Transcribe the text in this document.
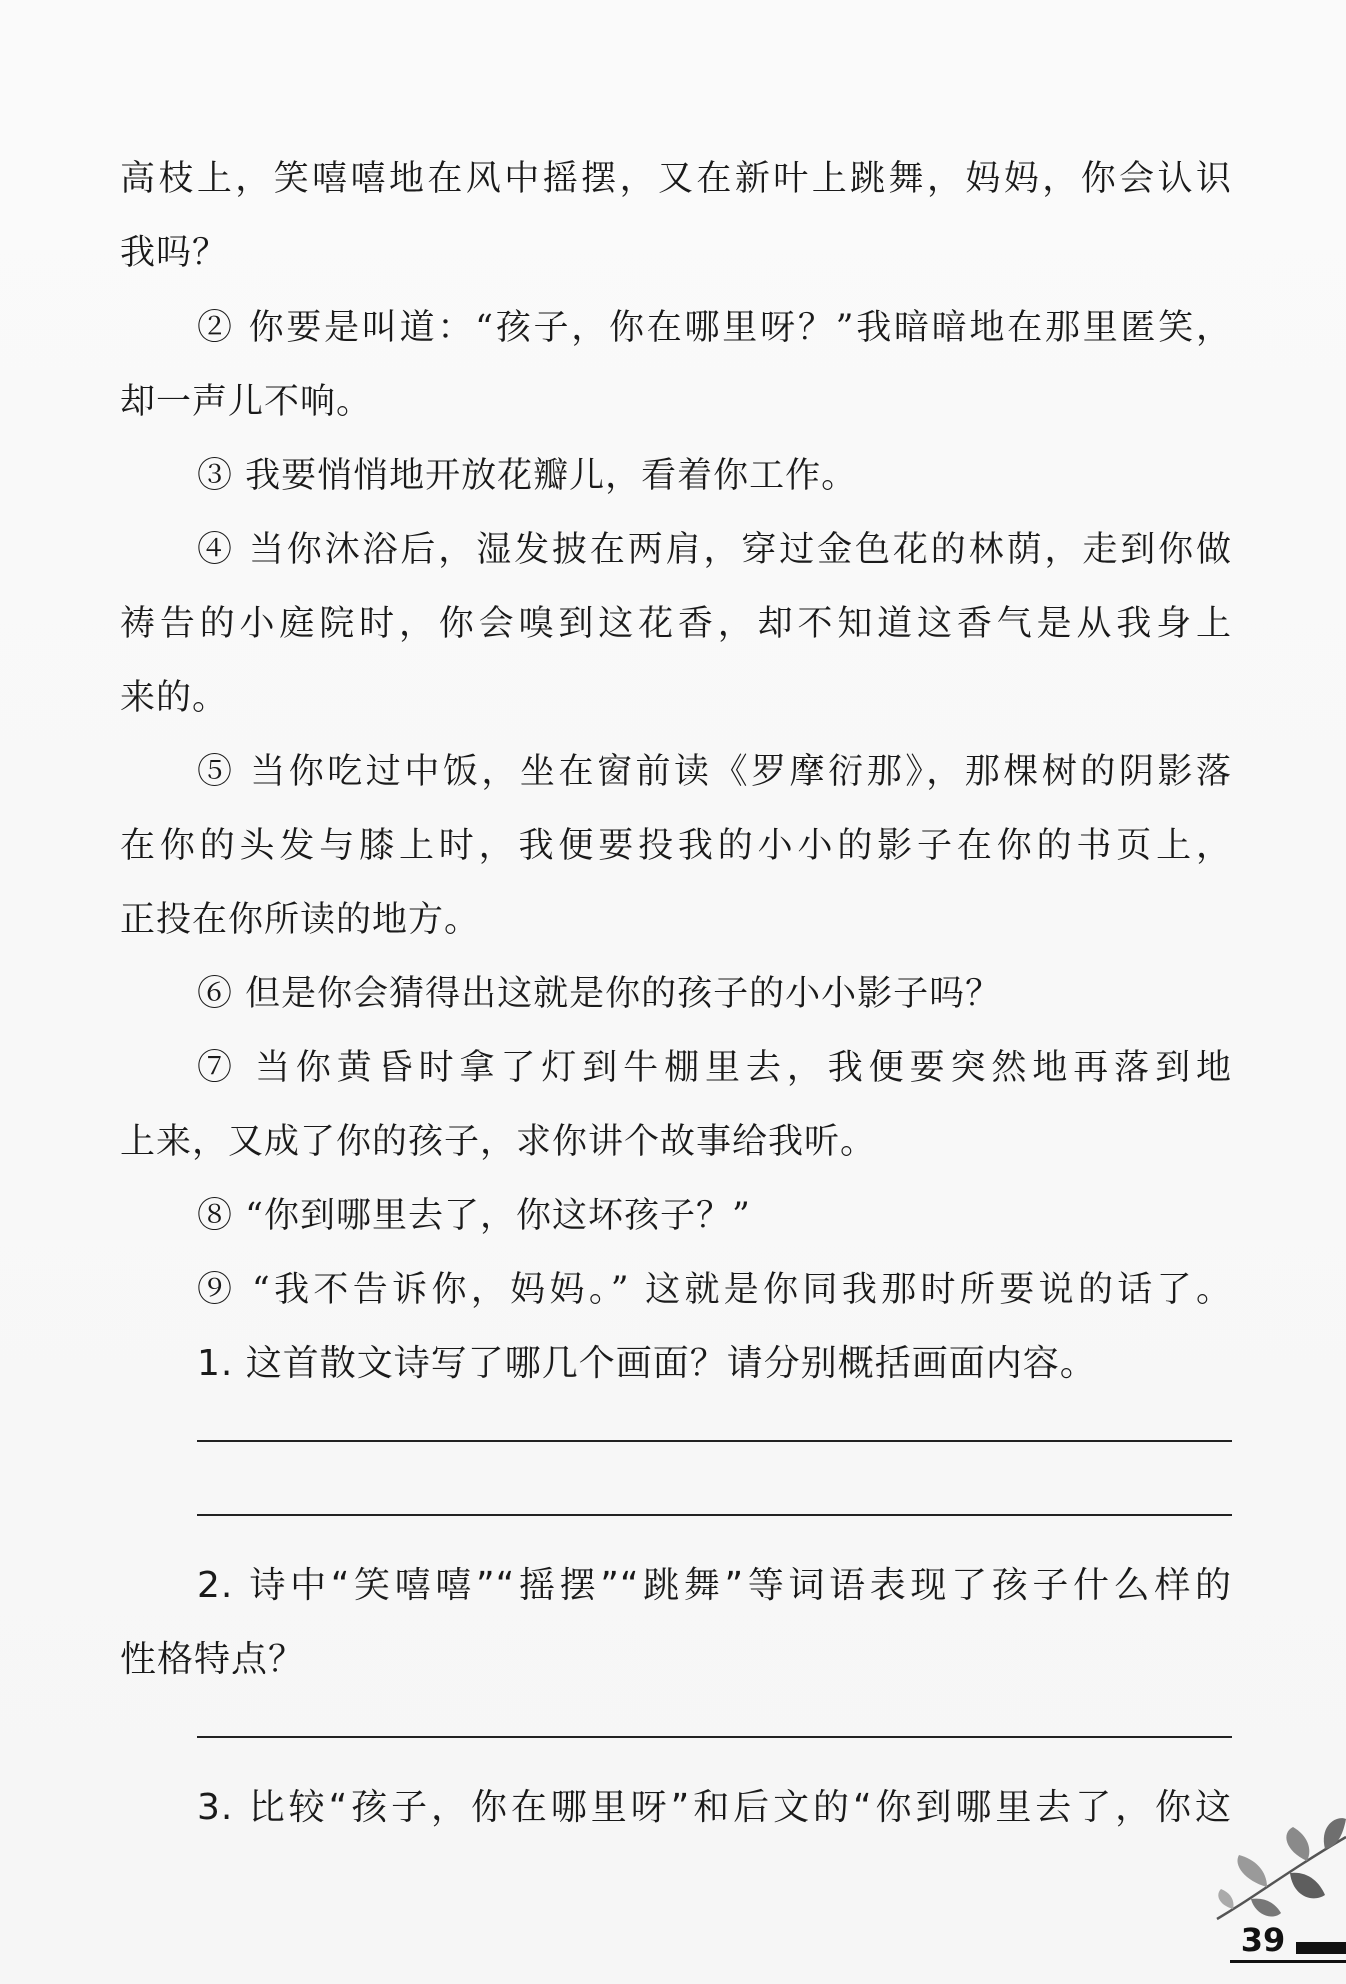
高枝上，笑嘻嘻地在风中摇摆，又在新叶上跳舞，妈妈，你会认识
我吗？
② 你要是叫道：“孩子，你在哪里呀？”我暗暗地在那里匿笑，
却一声儿不响。
③ 我要悄悄地开放花瓣儿，看着你工作。
④ 当你沐浴后，湿发披在两肩，穿过金色花的林荫，走到你做
祷告的小庭院时，你会嗅到这花香，却不知道这香气是从我身上
来的。
⑤ 当你吃过中饭，坐在窗前读《罗摩衍那》，那棵树的阴影落
在你的头发与膝上时，我便要投我的小小的影子在你的书页上，
正投在你所读的地方。
⑥ 但是你会猜得出这就是你的孩子的小小影子吗？
⑦ 当你黄昏时拿了灯到牛棚里去，我便要突然地再落到地
上来，又成了你的孩子，求你讲个故事给我听。
⑧ “你到哪里去了，你这坏孩子？”
⑨ “我不告诉你，妈妈。” 这就是你同我那时所要说的话了。
1. 这首散文诗写了哪几个画面？请分别概括画面内容。
2. 诗中“笑嘻嘻”“摇摆”“跳舞”等词语表现了孩子什么样的
性格特点？
3. 比较“孩子，你在哪里呀”和后文的“你到哪里去了，你这
39
